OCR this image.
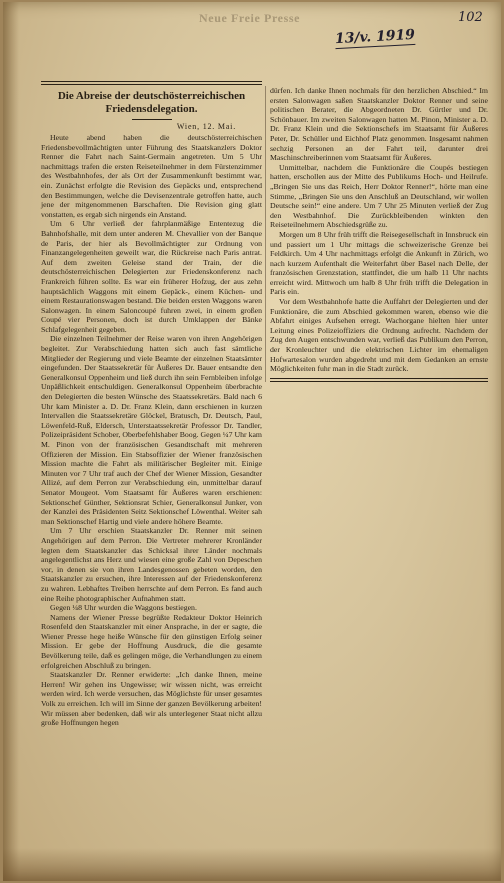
Neue Freie Presse
13/v. 1919
102
Die Abreise der deutschösterreichischen
Friedensdelegation.
Wien, 12. Mai.

Heute abend haben die deutschösterreichischen Friedensbevollmächtigten unter Führung des Staatskanzlers Doktor Renner die Fahrt nach Saint-Germain angetreten. Um 5 Uhr nachmittags trafen die ersten Reiseteilnehmer in dem Fürstenzimmer des Westbahnhofes, der als Ort der Zusammenkunft bestimmt war, ein. Zunächst erfolgte die Revision des Gepäcks und, entsprechend den Bestimmungen, welche die Devisenzentrale getroffen hatte, auch jene der mitgenommenen Barschaften. Die Revision ging glatt vonstatten, es ergab sich nirgends ein Anstand.

Um 6 Uhr verließ der fahrplanmäßige Ententezug die Bahnhofshalle, mit dem unter anderen M. Chevallier von der Banque de Paris, der hier als Bevollmächtigter zur Ordnung von Finanzangelegenheiten geweilt war, die Rückreise nach Paris antrat. Auf dem zweiten Geleise stand der Train, der die deutschösterreichischen Delegierten zur Friedenskonferenz nach Frankreich führen sollte. Es war ein früherer Hofzug, der aus zehn hauptsächlich Waggons mit einem Gepäck-, einem Küchen- und einem Restaurationswagen bestand. Die beiden ersten Waggons waren Salonwagen. In einem Saloncoupé fuhren zwei, in einem großen Coupé vier Personen, doch ist durch Umklappen der Bänke Schlafgelegenheit gegeben.

Die einzelnen Teilnehmer der Reise waren von ihren Angehörigen begleitet. Zur Verabschiedung hatten sich auch fast sämtliche Mitglieder der Regierung und viele Beamte der einzelnen Staatsämter eingefunden. Der Staatssekretär für Äußeres Dr. Bauer entsandte den Generalkonsul Oppenheim und ließ durch ihn sein Fernbleiben infolge Unpäßlichkeit entschuldigen. Generalkonsul Oppenheim überbrachte den Delegierten die besten Wünsche des Staatssekretärs. Bald nach 6 Uhr kam Minister a. D. Dr. Franz Klein, dann erschienen in kurzen Intervallen die Staatssekretäre Glöckel, Bratusch, Dr. Deutsch, Paul, Löwenfeld-Ruß, Eldersch, Unterstaatssekretär Professor Dr. Tandler, Polizeipräsident Schober, Oberbefehlshaber Boog. Gegen ¼7 Uhr kam M. Pinon von der französischen Gesandtschaft mit mehreren Offizieren der Mission. Ein Stabsoffizier der Wiener französischen Mission machte die Fahrt als militärischer Begleiter mit. Einige Minuten vor 7 Uhr traf auch der Chef der Wiener Mission, Gesandter Allizé, auf dem Perron zur Verabschiedung ein, unmittelbar darauf Senator Mougeot. Vom Staatsamt für Äußeres waren erschienen: Sektionschef Günther, Sektionsrat Schier, Generalkonsul Junker, von der Kanzlei des Präsidenten Seitz Sektionschef Löwenthal. Weiter sah man Sektionschef Hartig und viele andere höhere Beamte.

Um 7 Uhr erschien Staatskanzler Dr. Renner mit seinen Angehörigen auf dem Perron. Die Vertreter mehrerer Kronländer legten dem Staatskanzler das Schicksal ihrer Länder nochmals angelegentlichst ans Herz und wiesen eine große Zahl von Depeschen vor, in denen sie von ihren Landesgenossen gebeten worden, den Staatskanzler zu ersuchen, ihre Interessen auf der Friedenskonferenz zu wahren. Lebhaftes Treiben herrschte auf dem Perron. Es fand auch eine Reihe photographischer Aufnahmen statt.

Gegen ¼8 Uhr wurden die Waggons bestiegen.

Namens der Wiener Presse begrüßte Redakteur Doktor Heinrich Rosenfeld den Staatskanzler mit einer Ansprache, in der er sagte, die Wiener Presse hege heiße Wünsche für den günstigen Erfolg seiner Mission. Er gebe der Hoffnung Ausdruck, die die gesamte Bevölkerung teile, daß es gelingen möge, die Verhandlungen zu einem erfolgreichen Abschluß zu bringen.

Staatskanzler Dr. Renner erwiderte: „Ich danke Ihnen, meine Herren! Wir gehen ins Ungewisse; wir wissen nicht, was erreicht werden wird. Ich werde versuchen, das Möglichste für unser gesamtes Volk zu erreichen. Ich will im Sinne der ganzen Bevölkerung arbeiten! Wir müssen aber bedenken, daß wir als unterlegener Staat nicht allzu große Hoffnungen hegen

dürfen. Ich danke Ihnen nochmals für den herzlichen Abschied.“ Im ersten Salonwagen saßen Staatskanzler Doktor Renner und seine politischen Berater, die Abgeordneten Dr. Gürtler und Dr. Schönbauer. Im zweiten Salonwagen hatten M. Pinon, Minister a. D. Dr. Franz Klein und die Sektionschefs im Staatsamt für Äußeres Peter, Dr. Schüller und Eichhof Platz genommen. Insgesamt nahmen sechzig Personen an der Fahrt teil, darunter drei Maschinschreiberinnen vom Staatsamt für Äußeres.

Unmittelbar, nachdem die Funktionäre die Coupés bestiegen hatten, erschollen aus der Mitte des Publikums Hoch- und Heilrufe. „Bringen Sie uns das Reich, Herr Doktor Renner!“, hörte man eine Stimme, „Bringen Sie uns den Anschluß an Deutschland, wir wollen Deutsche sein!“ eine andere. Um 7 Uhr 25 Minuten verließ der Zug den Westbahnhof. Die Zurückbleibenden winkten den Reiseteilnehmern Abschiedsgrüße zu.

Morgen um 8 Uhr früh trifft die Reisegesellschaft in Innsbruck ein und passiert um 1 Uhr mittags die schweizerische Grenze bei Feldkirch. Um 4 Uhr nachmittags erfolgt die Ankunft in Zürich, wo nach kurzem Aufenthalt die Weiterfahrt über Basel nach Delle, der französischen Grenzstation, stattfindet, die um halb 11 Uhr nachts erreicht wird. Mittwoch um halb 8 Uhr früh trifft die Delegation in Paris ein.

Vor dem Westbahnhofe hatte die Auffahrt der Delegierten und der Funktionäre, die zum Abschied gekommen waren, ebenso wie die Abfahrt einiges Aufsehen erregt. Wachorgane hielten hier unter Leitung eines Polizeioffiziers die Ordnung aufrecht. Nachdem der Zug den Augen entschwunden war, verließ das Publikum den Perron, der Kronleuchter und die elektrischen Lichter im ehemaligen Hofwartesalon wurden abgedreht und mit dem Gedanken an ernste Möglichkeiten fuhr man in die Stadt zurück.
